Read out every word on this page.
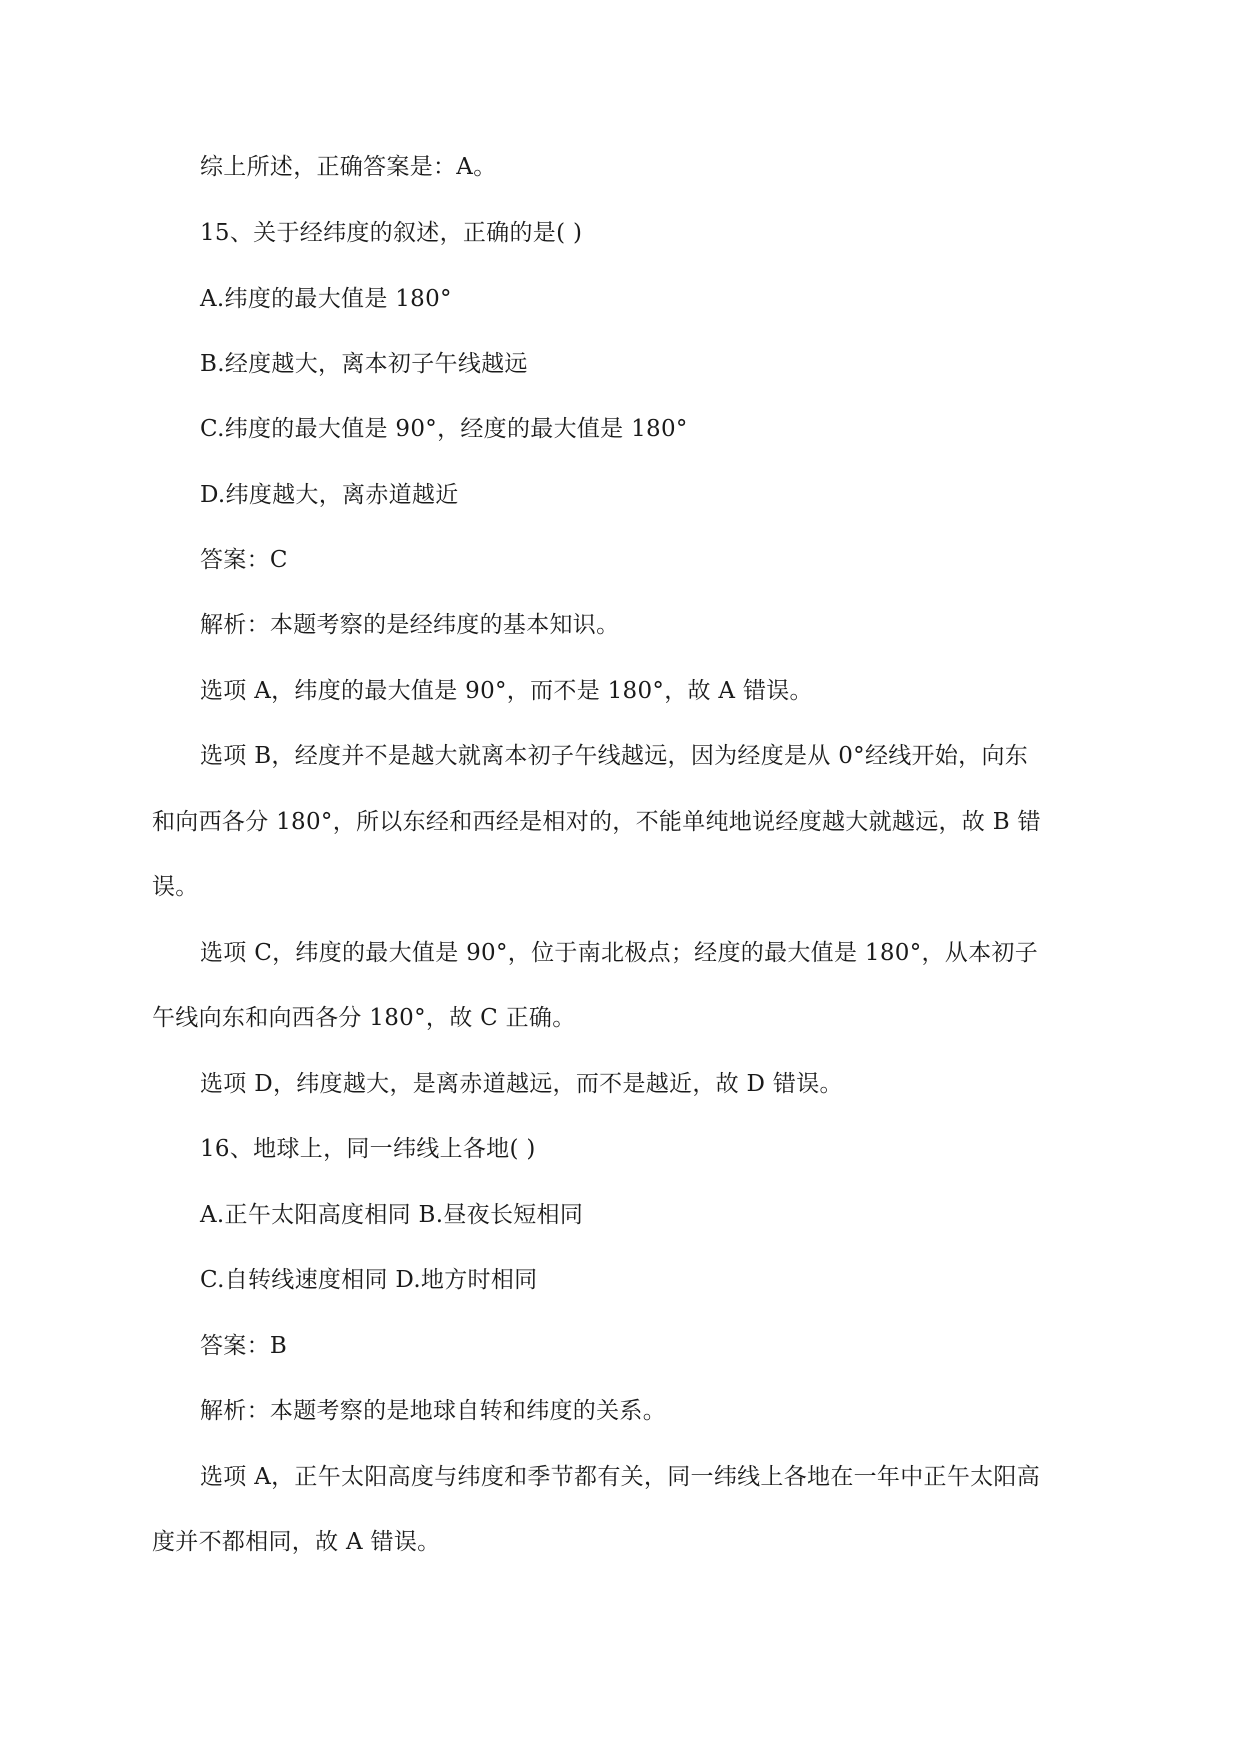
综上所述，正确答案是：A。
15、关于经纬度的叙述，正确的是( )
A.纬度的最大值是 180°
B.经度越大，离本初子午线越远
C.纬度的最大值是 90°，经度的最大值是 180°
D.纬度越大，离赤道越近
答案：C
解析：本题考察的是经纬度的基本知识。
选项 A，纬度的最大值是 90°，而不是 180°，故 A 错误。
选项 B，经度并不是越大就离本初子午线越远，因为经度是从 0°经线开始，向东
和向西各分 180°，所以东经和西经是相对的，不能单纯地说经度越大就越远，故 B 错
误。
选项 C，纬度的最大值是 90°，位于南北极点；经度的最大值是 180°，从本初子
午线向东和向西各分 180°，故 C 正确。
选项 D，纬度越大，是离赤道越远，而不是越近，故 D 错误。
16、地球上，同一纬线上各地( )
A.正午太阳高度相同 B.昼夜长短相同
C.自转线速度相同 D.地方时相同
答案：B
解析：本题考察的是地球自转和纬度的关系。
选项 A，正午太阳高度与纬度和季节都有关，同一纬线上各地在一年中正午太阳高
度并不都相同，故 A 错误。
